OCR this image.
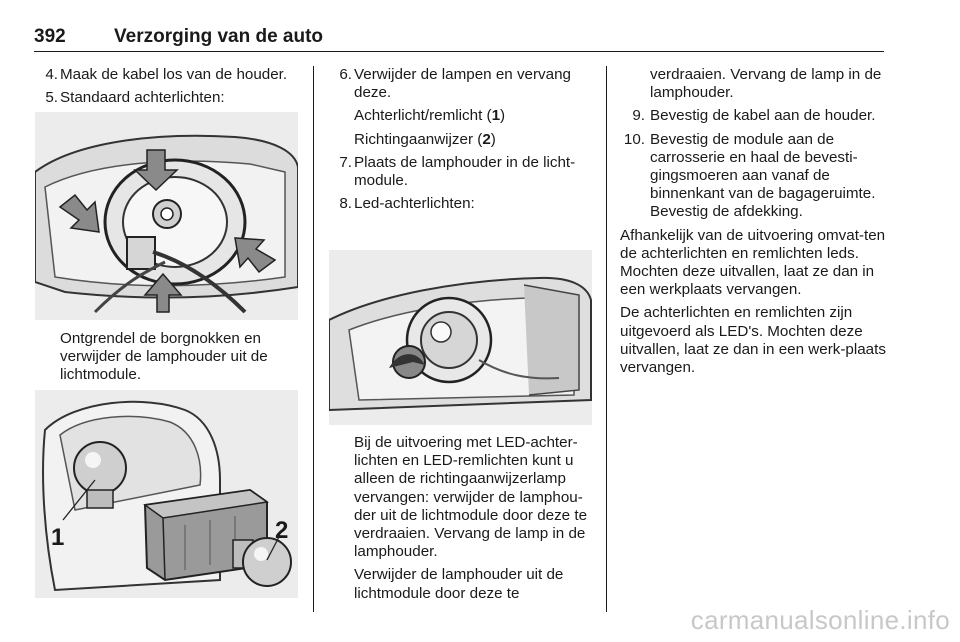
392	Verzorging van de auto
4. Maak de kabel los van de houder.
5. Standaard achterlichten:
Ontgrendel de borgnokken en verwijder de lamphouder uit de lichtmodule.
1	2
6. Verwijder de lampen en vervang deze.
Achterlicht/remlicht (1)
Richtingaanwijzer (2)
7. Plaats de lamphouder in de licht-module.
8. Led-achterlichten:
Bij de uitvoering met LED-achter-lichten en LED-remlichten kunt u alleen de richtingaanwijzerlamp vervangen: verwijder de lamphou-der uit de lichtmodule door deze te verdraaien. Vervang de lamp in de lamphouder.
Verwijder de lamphouder uit de lichtmodule door deze te
verdraaien. Vervang de lamp in de lamphouder.
9. Bevestig de kabel aan de houder.
10. Bevestig de module aan de carrosserie en haal de bevesti-gingsmoeren aan vanaf de binnenkant van de bagageruimte. Bevestig de afdekking.
Afhankelijk van de uitvoering omvat-ten de achterlichten en remlichten leds. Mochten deze uitvallen, laat ze dan in een werkplaats vervangen.
De achterlichten en remlichten zijn uitgevoerd als LED's. Mochten deze uitvallen, laat ze dan in een werk-plaats vervangen.
carmanualsonline.info
